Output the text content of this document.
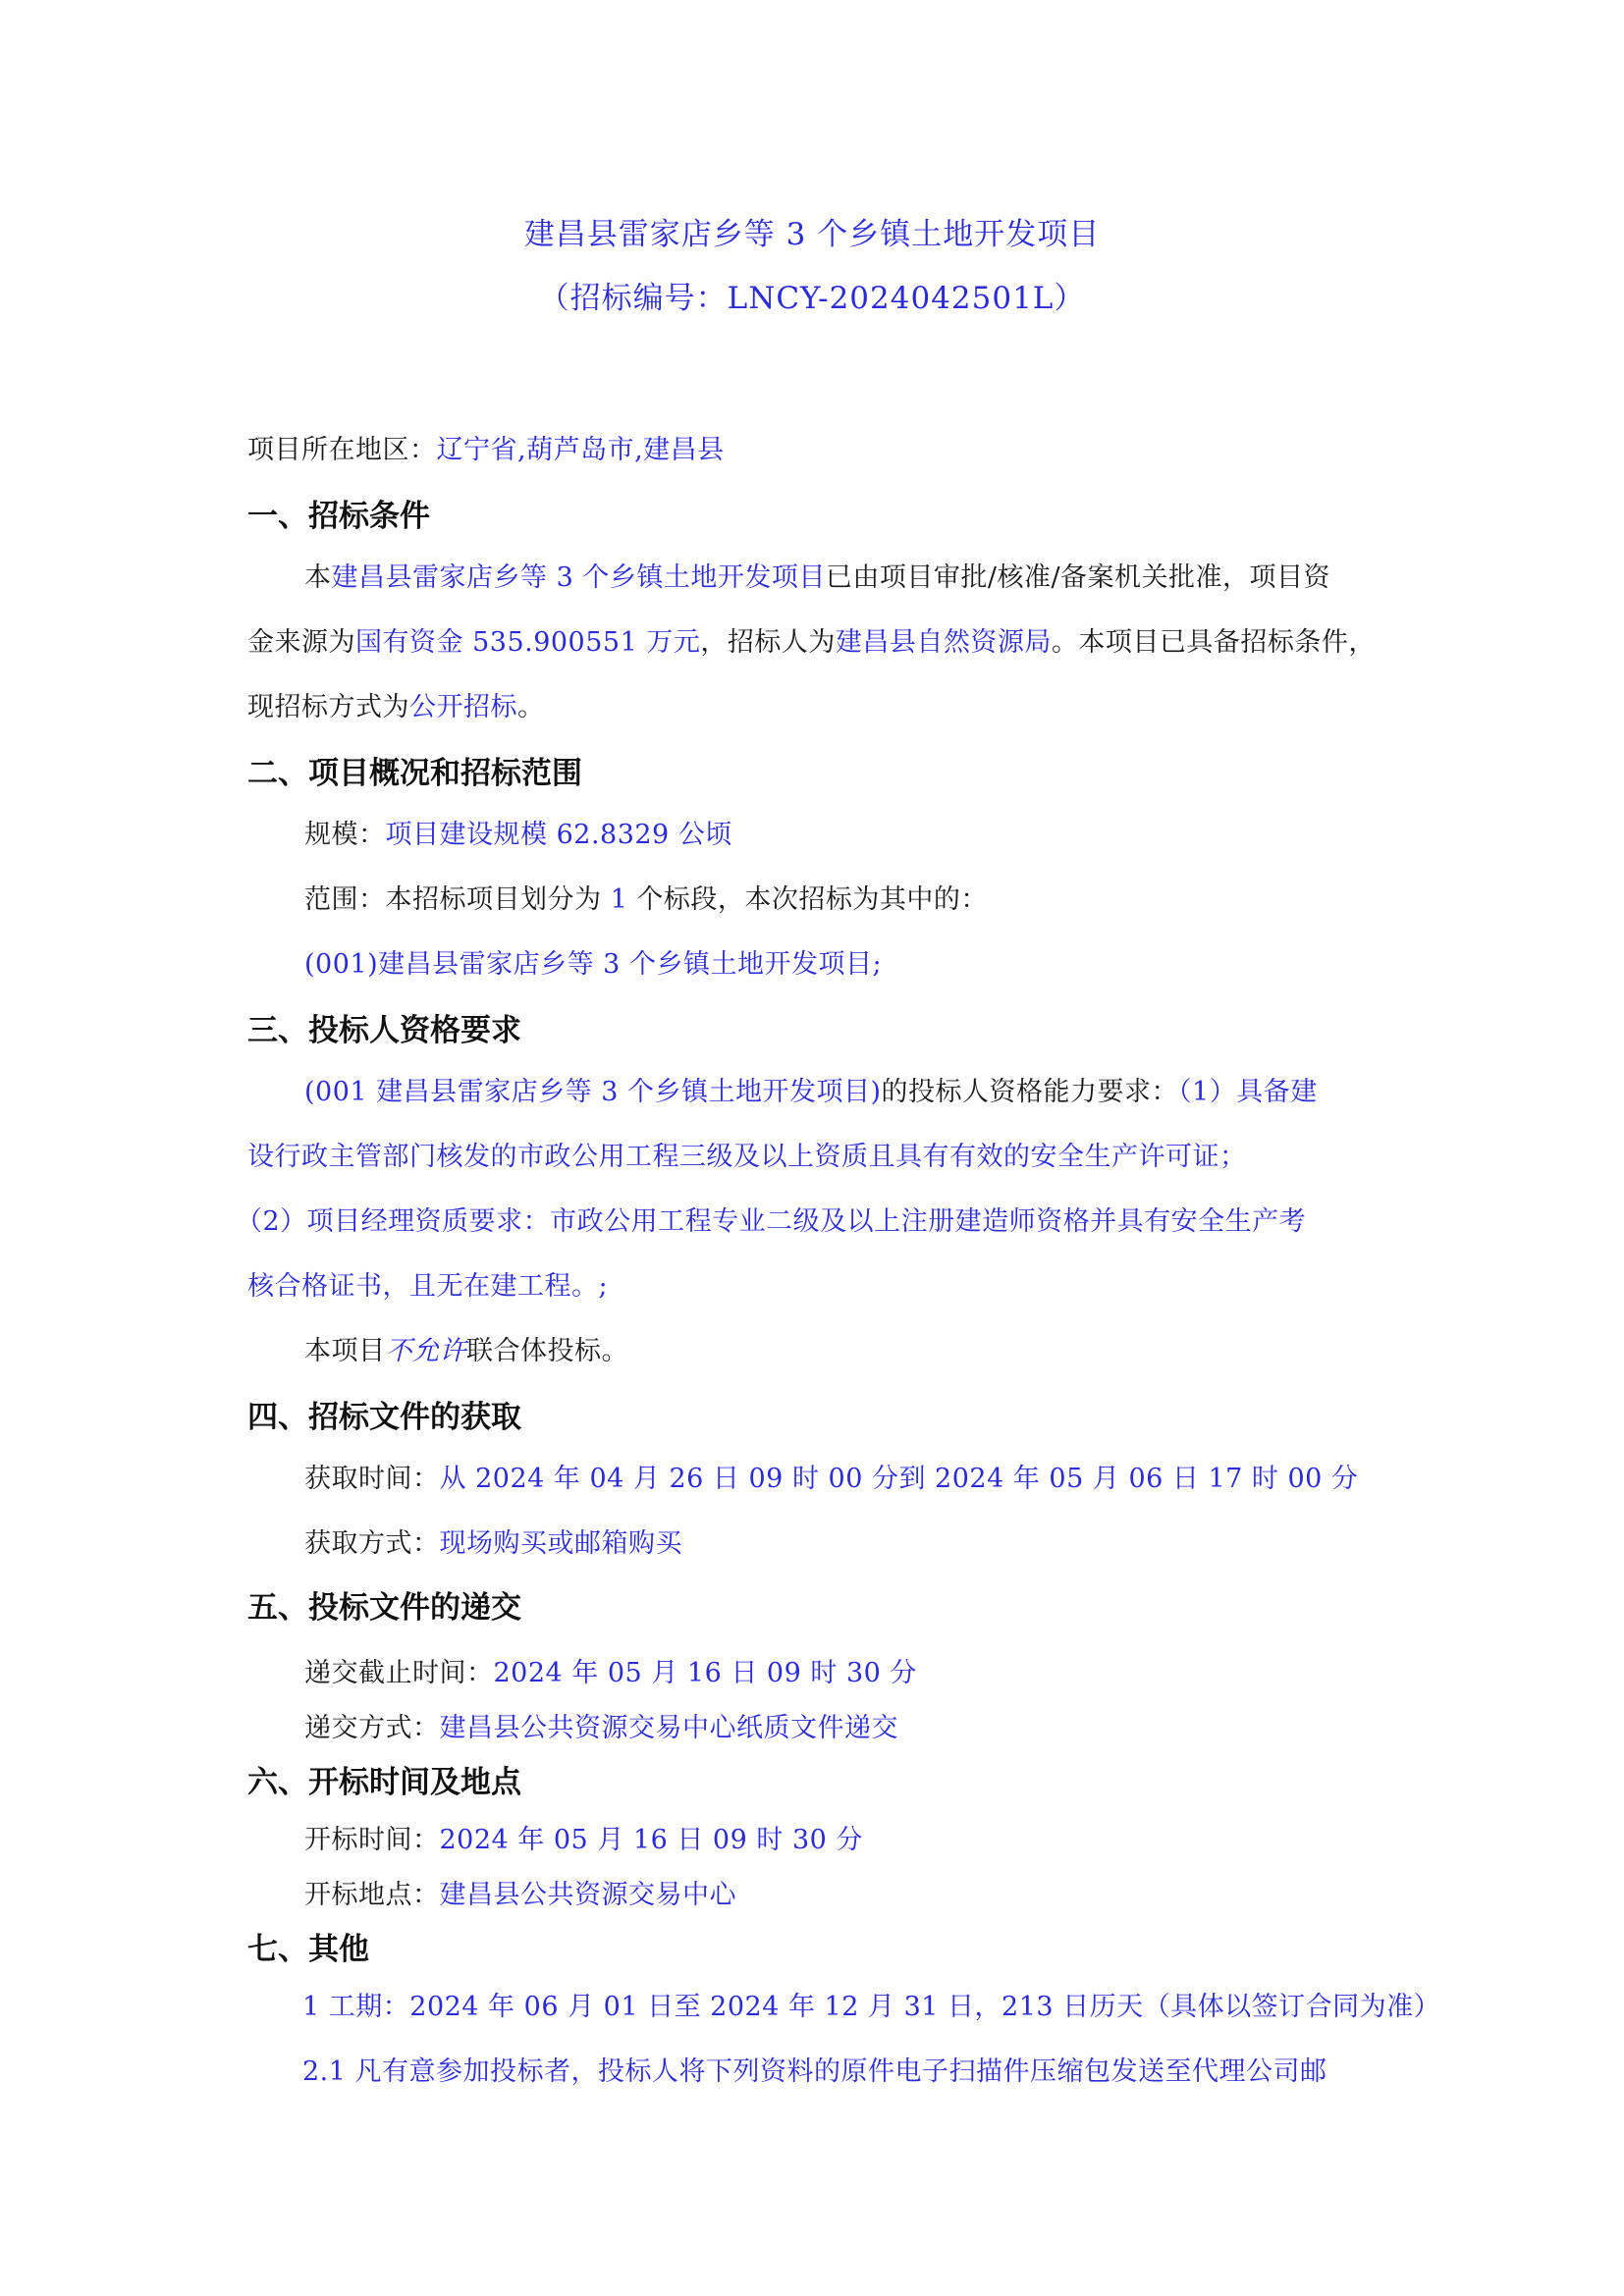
建昌县雷家店乡等 3 个乡镇土地开发项目
（招标编号：LNCY-2024042501L）
项目所在地区：辽宁省,葫芦岛市,建昌县
一、招标条件
本建昌县雷家店乡等 3 个乡镇土地开发项目已由项目审批/核准/备案机关批准，项目资
金来源为国有资金 535.900551 万元，招标人为建昌县自然资源局。本项目已具备招标条件，
现招标方式为公开招标。
二、项目概况和招标范围
规模：项目建设规模 62.8329 公顷
范围：本招标项目划分为 1 个标段，本次招标为其中的：
(001)建昌县雷家店乡等 3 个乡镇土地开发项目;
三、投标人资格要求
(001 建昌县雷家店乡等 3 个乡镇土地开发项目)的投标人资格能力要求：（1）具备建
设行政主管部门核发的市政公用工程三级及以上资质且具有有效的安全生产许可证；
（2）项目经理资质要求：市政公用工程专业二级及以上注册建造师资格并具有安全生产考
核合格证书，且无在建工程。;
本项目不允许联合体投标。
四、招标文件的获取
获取时间：从 2024 年 04 月 26 日 09 时 00 分到 2024 年 05 月 06 日 17 时 00 分
获取方式：现场购买或邮箱购买
五、投标文件的递交
递交截止时间：2024 年 05 月 16 日 09 时 30 分
递交方式：建昌县公共资源交易中心纸质文件递交
六、开标时间及地点
开标时间：2024 年 05 月 16 日 09 时 30 分
开标地点：建昌县公共资源交易中心
七、其他
1 工期：2024 年 06 月 01 日至 2024 年 12 月 31 日，213 日历天（具体以签订合同为准）
2.1 凡有意参加投标者，投标人将下列资料的原件电子扫描件压缩包发送至代理公司邮
